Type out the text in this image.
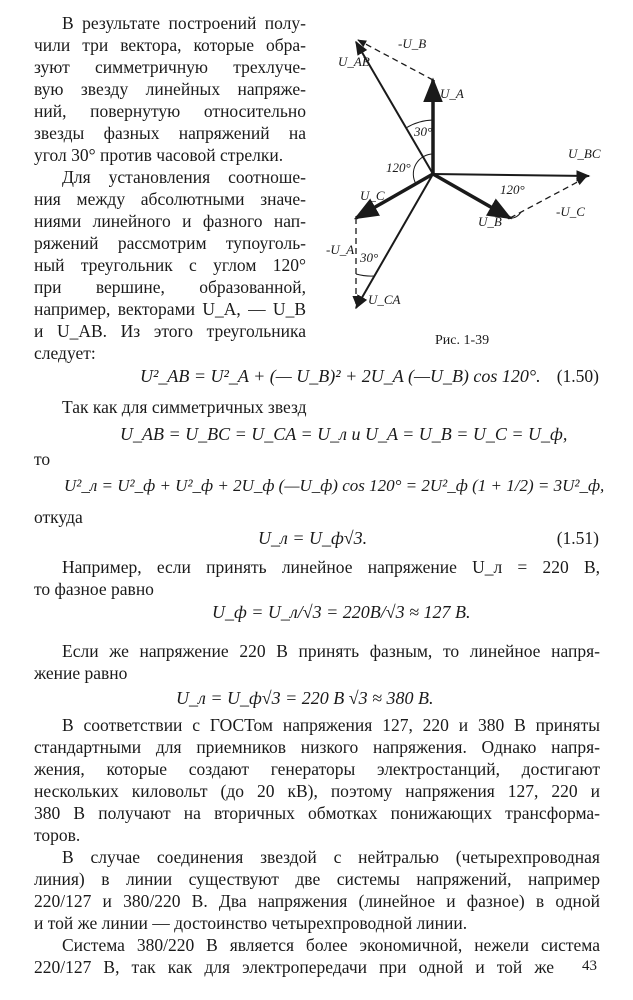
В результате построений полу-
чили три вектора, которые обра-
зуют симметричную трехлуче-
вую звезду линейных напряже-
ний, повернутую относительно
звезды фазных напряжений на
угол 30° против часовой стрелки.
Для установления соотноше-
ния между абсолютными значе-
ниями линейного и фазного нап-
ряжений рассмотрим тупоуголь-
ный треугольник с углом 120°
при вершине, образованной,
например, векторами U_A, — U_B
и U_AB. Из этого треугольника
следует:
U_AB
-U_B
U_A
U_BC
U_C
U_B
-U_C
-U_A
U_CA
30°
120°
120°
30°
Рис. 1-39
U²_AB = U²_A + (— U_B)² + 2U_A (—U_B) cos 120°. (1.50)
Так как для симметричных звезд
U_AB = U_BC = U_CA = U_л и U_A = U_B = U_C = U_ф,
то
U²_л = U²_ф + U²_ф + 2U_ф (—U_ф) cos 120° = 2U²_ф (1 + 1/2) = 3U²_ф,
откуда
U_л = U_ф√3.	(1.51)
Например, если принять линейное напряжение U_л = 220 В,
то фазное равно
U_ф = U_л/√3 = 220В/√3 ≈ 127 В.
Если же напряжение 220 В принять фазным, то линейное напря-
жение равно
U_л = U_ф√3 = 220 В √3 ≈ 380 В.
В соответствии с ГОСТом напряжения 127, 220 и 380 В приняты
стандартными для приемников низкого напряжения. Однако напря-
жения, которые создают генераторы электростанций, достигают
нескольких киловольт (до 20 кВ), поэтому напряжения 127, 220 и
380 В получают на вторичных обмотках понижающих трансформа-
торов.
В случае соединения звездой с нейтралью (четырехпроводная
линия) в линии существуют две системы напряжений, например
220/127 и 380/220 В. Два напряжения (линейное и фазное) в одной
и той же линии — достоинство четырехпроводной линии.
Система 380/220 В является более экономичной, нежели система
220/127 В, так как для электропередачи при одной и той же 43
